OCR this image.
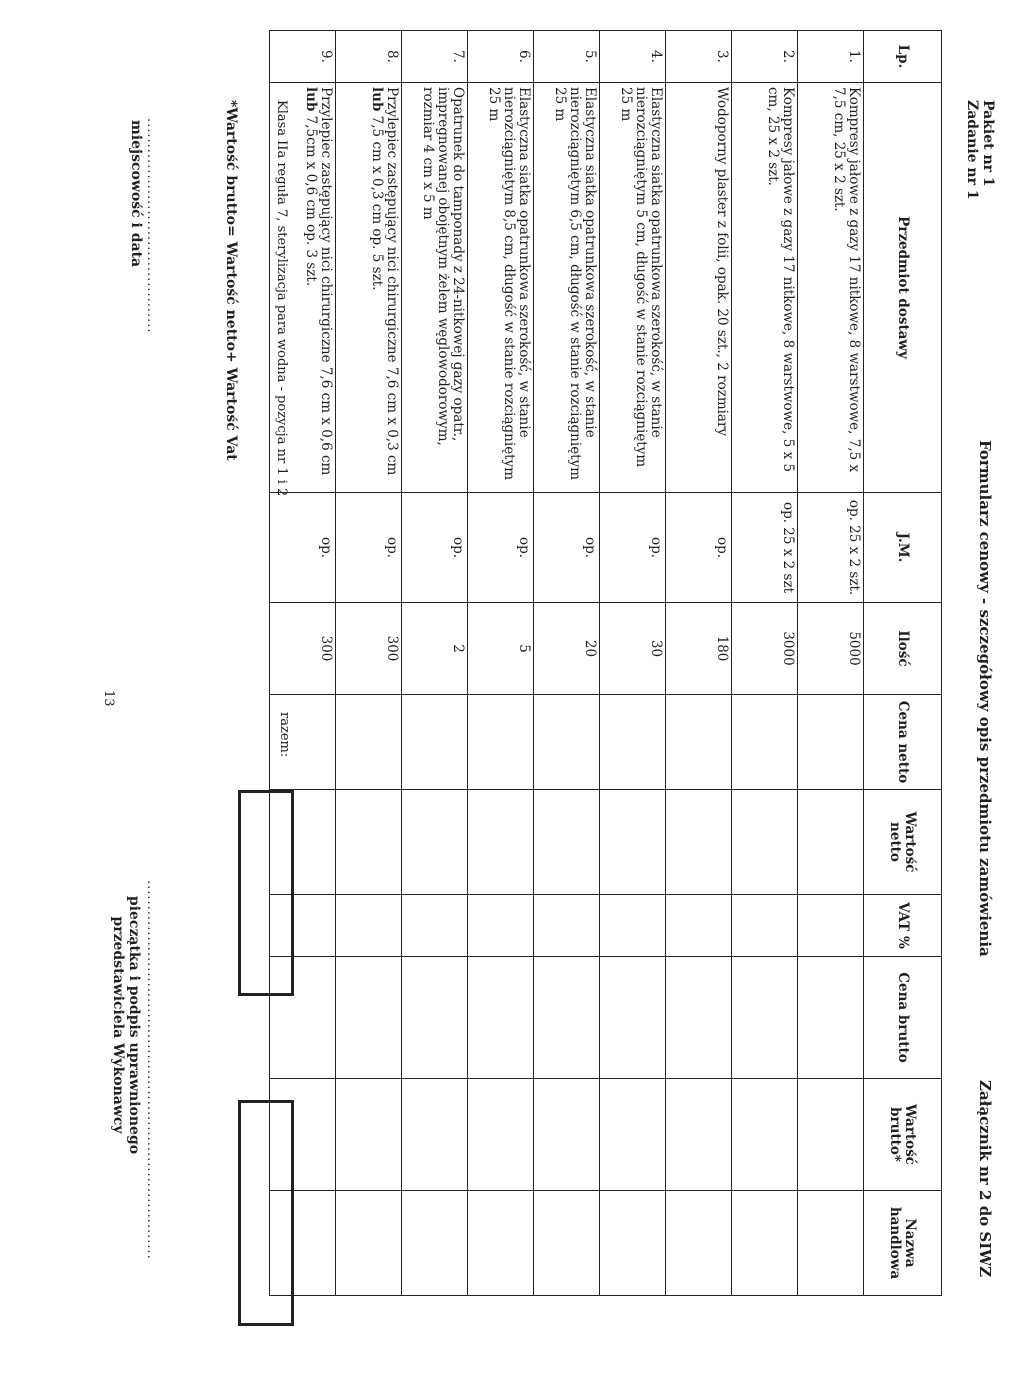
Pakiet nr 1
Zadanie nr 1
Formularz cenowy - szczegółowy opis przedmiotu zamówienia
Załącznik nr 2 do SIWZ
Lp.	Przedmiot dostawy	J.M.	Ilość	Cena netto	Wartość netto	VAT %	Cena brutto	Wartość brutto*	Nazwa handlowa
1.	Kompresy jałowe z gazy 17 nitkowe, 8 warstwowe, 7,5 x 7,5 cm, 25 x 2 szt.	op. 25 x 2 szt.	5000						
2.	Kompresy jałowe z gazy 17 nitkowe, 8 warstwowe, 5 x 5 cm, 25 x 2 szt.	op. 25 x 2 szt	3000						
3.	Wodoporny plaster z folii, opak. 20 szt., 2 rozmiary	op.	180						
4.	Elastyczna siatka opatrunkowa szerokość, w stanie nierozciągniętym 5 cm, długość w stanie rozciągniętym 25 m	op.	30						
5.	Elastyczna siatka opatrunkowa szerokość, w stanie nierozciągniętym 6,5 cm, długość w stanie rozciągniętym 25 m	op.	20						
6.	Elastyczna siatka opatrunkowa szerokość, w stanie nierozciągniętym 8,5 cm, długość w stanie rozciągniętym 25 m	op.	5						
7.	Opatrunek do tamponady z 24-nitkowej gazy opatr., impregnowanej obojętnym żelem węglowodorowym, rozmiar 4 cm x 5 m	op.	2						
8.	Przylepiec zastępujący nici chirurgiczne 7,6 cm x 0,3 cm lub 7,5 cm x 0,3 cm op. 5 szt.	op.	300						
9.	Przylepiec zastępujący nici chirurgiczne 7,6 cm x 0,6 cm lub 7,5cm x 0,6 cm op. 3 szt.	op.	300						
razem:
Klasa IIa reguła 7, sterylizacja para wodna - pozycja nr 1 i 2
*Wartość brutto= Wartość netto+ Wartość Vat
13
..........................................
miejscowość i data
..........................................................................
pieczątka i podpis uprawnionego przedstawiciela Wykonawcy
